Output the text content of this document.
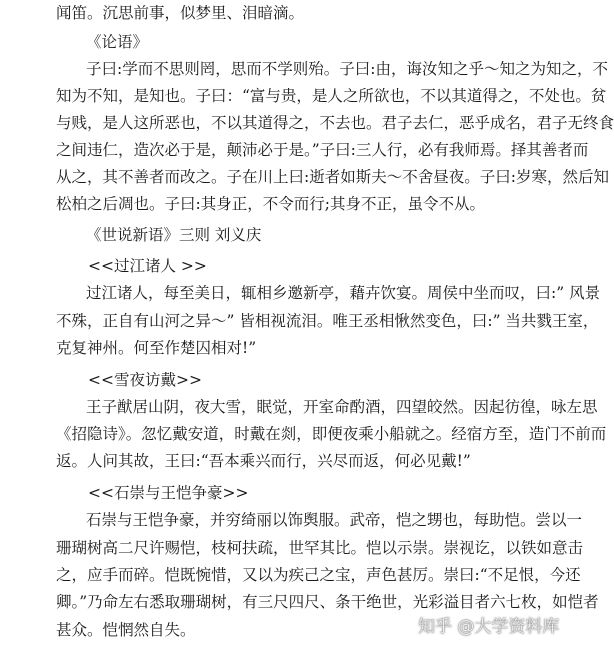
闻笛。沉思前事，似梦里、泪暗滴。
《论语》
子曰:学而不思则罔，思而不学则殆。子曰:由，诲汝知之乎～知之为知之，不
知为不知，是知也。子曰：“富与贵，是人之所欲也，不以其道得之，不处也。贫
与贱，是人这所恶也，不以其道得之，不去也。君子去仁，恶乎成名，君子无终食
之间违仁，造次必于是，颠沛必于是。”子曰:三人行，必有我师焉。择其善者而
从之，其不善者而改之。子在川上曰:逝者如斯夫～不舍昼夜。子曰:岁寒，然后知
松柏之后凋也。子曰:其身正，不令而行;其身不正，虽令不从。
《世说新语》三则 刘义庆
<<过江诸人 >>
过江诸人，每至美日，辄相乡邀新亭，藉卉饮宴。周侯中坐而叹，曰:” 风景
不殊，正自有山河之异～” 皆相视流泪。唯王丞相愀然变色，曰:” 当共戮王室，
克复神州。何至作楚囚相对!”
<<雪夜访戴>>
王子猷居山阴，夜大雪，眠觉，开室命酌酒，四望皎然。因起彷徨，咏左思
《招隐诗》。忽忆戴安道，时戴在剡，即便夜乘小船就之。经宿方至，造门不前而
返。人问其故，王曰:“吾本乘兴而行，兴尽而返，何必见戴!”
<<石崇与王恺争豪>>
石崇与王恺争豪，并穷绮丽以饰舆服。武帝，恺之甥也，每助恺。尝以一
珊瑚树高二尺许赐恺，枝柯扶疏，世罕其比。恺以示崇。崇视讫，以铁如意击
之，应手而碎。恺既惋惜，又以为疾己之宝，声色甚厉。崇曰:“不足恨，今还
卿。”乃命左右悉取珊瑚树，有三尺四尺、条干绝世，光彩溢目者六七枚，如恺者
甚众。恺惘然自失。	知乎 @大学资料库
